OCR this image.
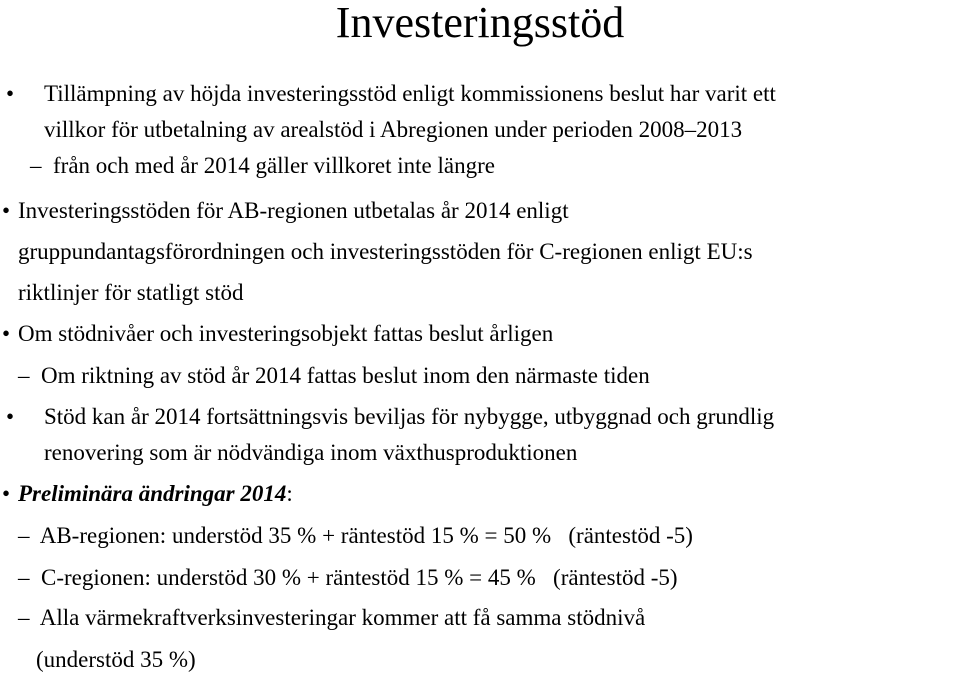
Investeringsstöd
• Tillämpning av höjda investeringsstöd enligt kommissionens beslut har varit ett
villkor för utbetalning av arealstöd i Abregionen under perioden 2008–2013
– från och med år 2014 gäller villkoret inte längre
• Investeringsstöden för AB-regionen utbetalas år 2014 enligt
gruppundantagsförordningen och investeringsstöden för C-regionen enligt EU:s
riktlinjer för statligt stöd
• Om stödnivåer och investeringsobjekt fattas beslut årligen
– Om riktning av stöd år 2014 fattas beslut inom den närmaste tiden
• Stöd kan år 2014 fortsättningsvis beviljas för nybygge, utbyggnad och grundlig
renovering som är nödvändiga inom växthusproduktionen
• Preliminära ändringar 2014:
– AB-regionen: understöd 35 % + räntestöd 15 % = 50 %   (räntestöd -5)
– C-regionen: understöd 30 % + räntestöd 15 % = 45 %   (räntestöd -5)
– Alla värmekraftverksinvesteringar kommer att få samma stödnivå
(understöd 35 %)
